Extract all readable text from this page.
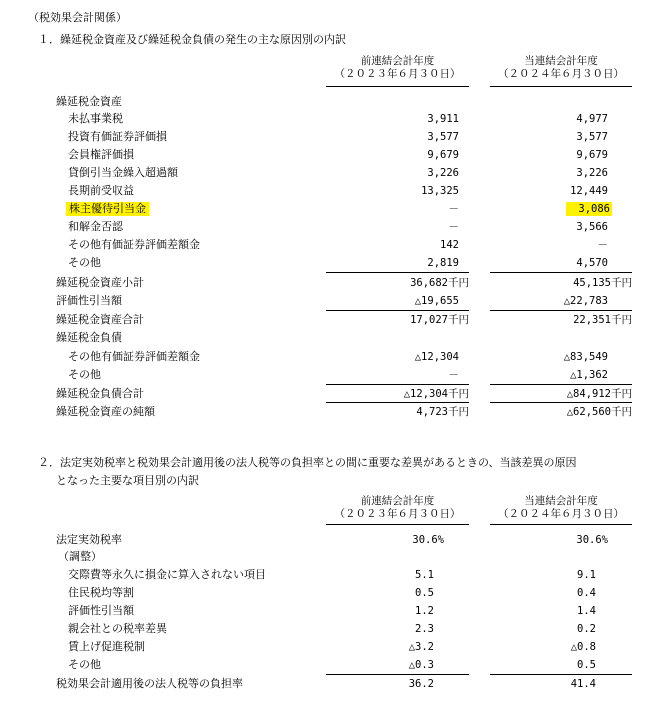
（税効果会計関係）
１．繰延税金資産及び繰延税金負債の発生の主な原因別の内訳
前連結会計年度
（２０２３年６月３０日）
当連結会計年度
（２０２４年６月３０日）
繰延税金資産
未払事業税	3,911	4,977
投資有価証券評価損	3,577	3,577
会員権評価損	9,679	9,679
貸倒引当金繰入超過額	3,226	3,226
長期前受収益	13,325	12,449
株主優待引当金	－	3,086
和解金否認	－	3,566
その他有価証券評価差額金	142	－
その他	2,819	4,570
繰延税金資産小計	36,682千円	45,135千円
評価性引当額	△19,655	△22,783
繰延税金資産合計	17,027千円	22,351千円
繰延税金負債
その他有価証券評価差額金	△12,304	△83,549
その他	－	△1,362
繰延税金負債合計	△12,304千円	△84,912千円
繰延税金資産の純額	4,723千円	△62,560千円
２．法定実効税率と税効果会計適用後の法人税等の負担率との間に重要な差異があるときの、当該差異の原因
となった主要な項目別の内訳
前連結会計年度
（２０２３年６月３０日）
当連結会計年度
（２０２４年６月３０日）
法定実効税率	30.6%	30.6%
（調整）
交際費等永久に損金に算入されない項目	5.1	9.1
住民税均等割	0.5	0.4
評価性引当額	1.2	1.4
親会社との税率差異	2.3	0.2
賃上げ促進税制	△3.2	△0.8
その他	△0.3	0.5
税効果会計適用後の法人税等の負担率	36.2	41.4
